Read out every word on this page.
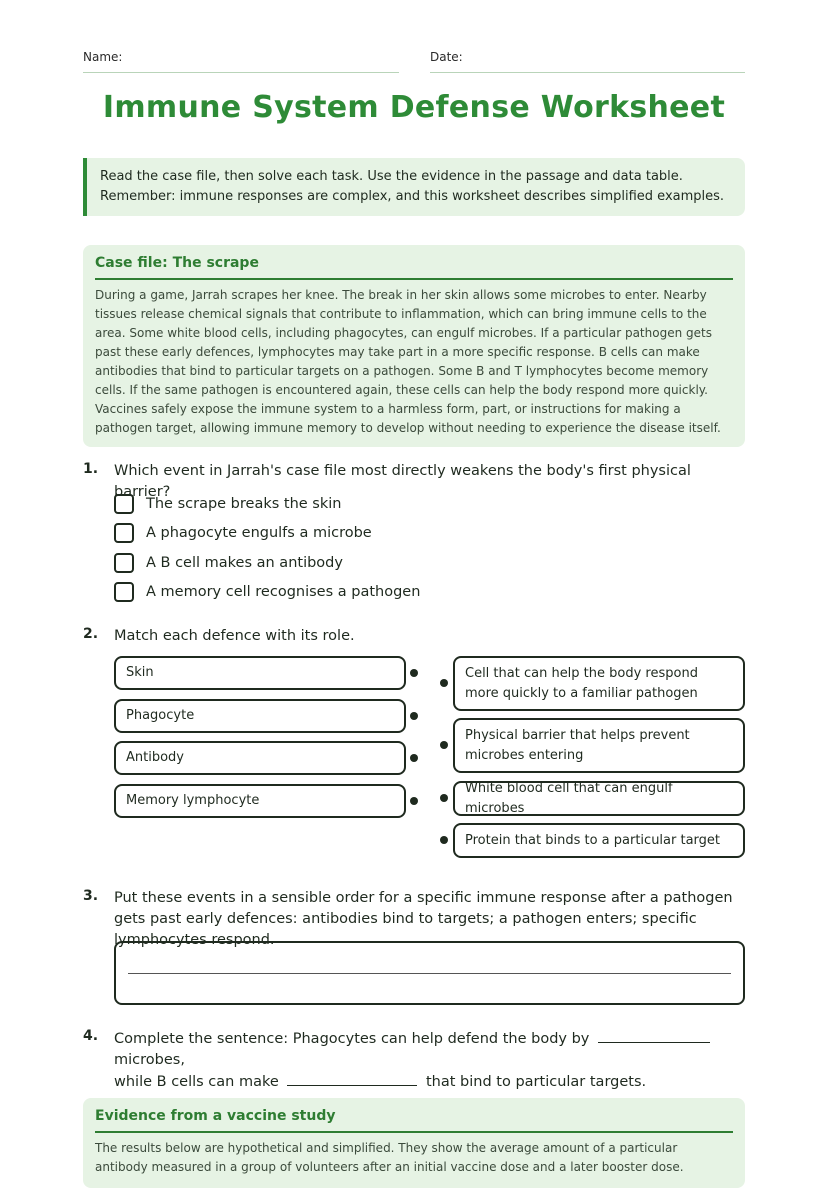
Name:	Date:
Immune System Defense Worksheet
Read the case file, then solve each task. Use the evidence in the passage and data table. Remember: immune responses are complex, and this worksheet describes simplified examples.
Case file: The scrape
During a game, Jarrah scrapes her knee. The break in her skin allows some microbes to enter. Nearby tissues release chemical signals that contribute to inflammation, which can bring immune cells to the area. Some white blood cells, including phagocytes, can engulf microbes. If a particular pathogen gets past these early defences, lymphocytes may take part in a more specific response. B cells can make antibodies that bind to particular targets on a pathogen. Some B and T lymphocytes become memory cells. If the same pathogen is encountered again, these cells can help the body respond more quickly. Vaccines safely expose the immune system to a harmless form, part, or instructions for making a pathogen target, allowing immune memory to develop without needing to experience the disease itself.
1. Which event in Jarrah's case file most directly weakens the body's first physical barrier?
The scrape breaks the skin
A phagocyte engulfs a microbe
A B cell makes an antibody
A memory cell recognises a pathogen
2. Match each defence with its role.
Skin
Phagocyte
Antibody
Memory lymphocyte
Cell that can help the body respond more quickly to a familiar pathogen
Physical barrier that helps prevent microbes entering
White blood cell that can engulf microbes
Protein that binds to a particular target
3. Put these events in a sensible order for a specific immune response after a pathogen gets past early defences: antibodies bind to targets; a pathogen enters; specific lymphocytes respond.
4. Complete the sentence: Phagocytes can help defend the body by  microbes,
while B cells can make	that bind to particular targets.
Evidence from a vaccine study
The results below are hypothetical and simplified. They show the average amount of a particular antibody measured in a group of volunteers after an initial vaccine dose and a later booster dose.
